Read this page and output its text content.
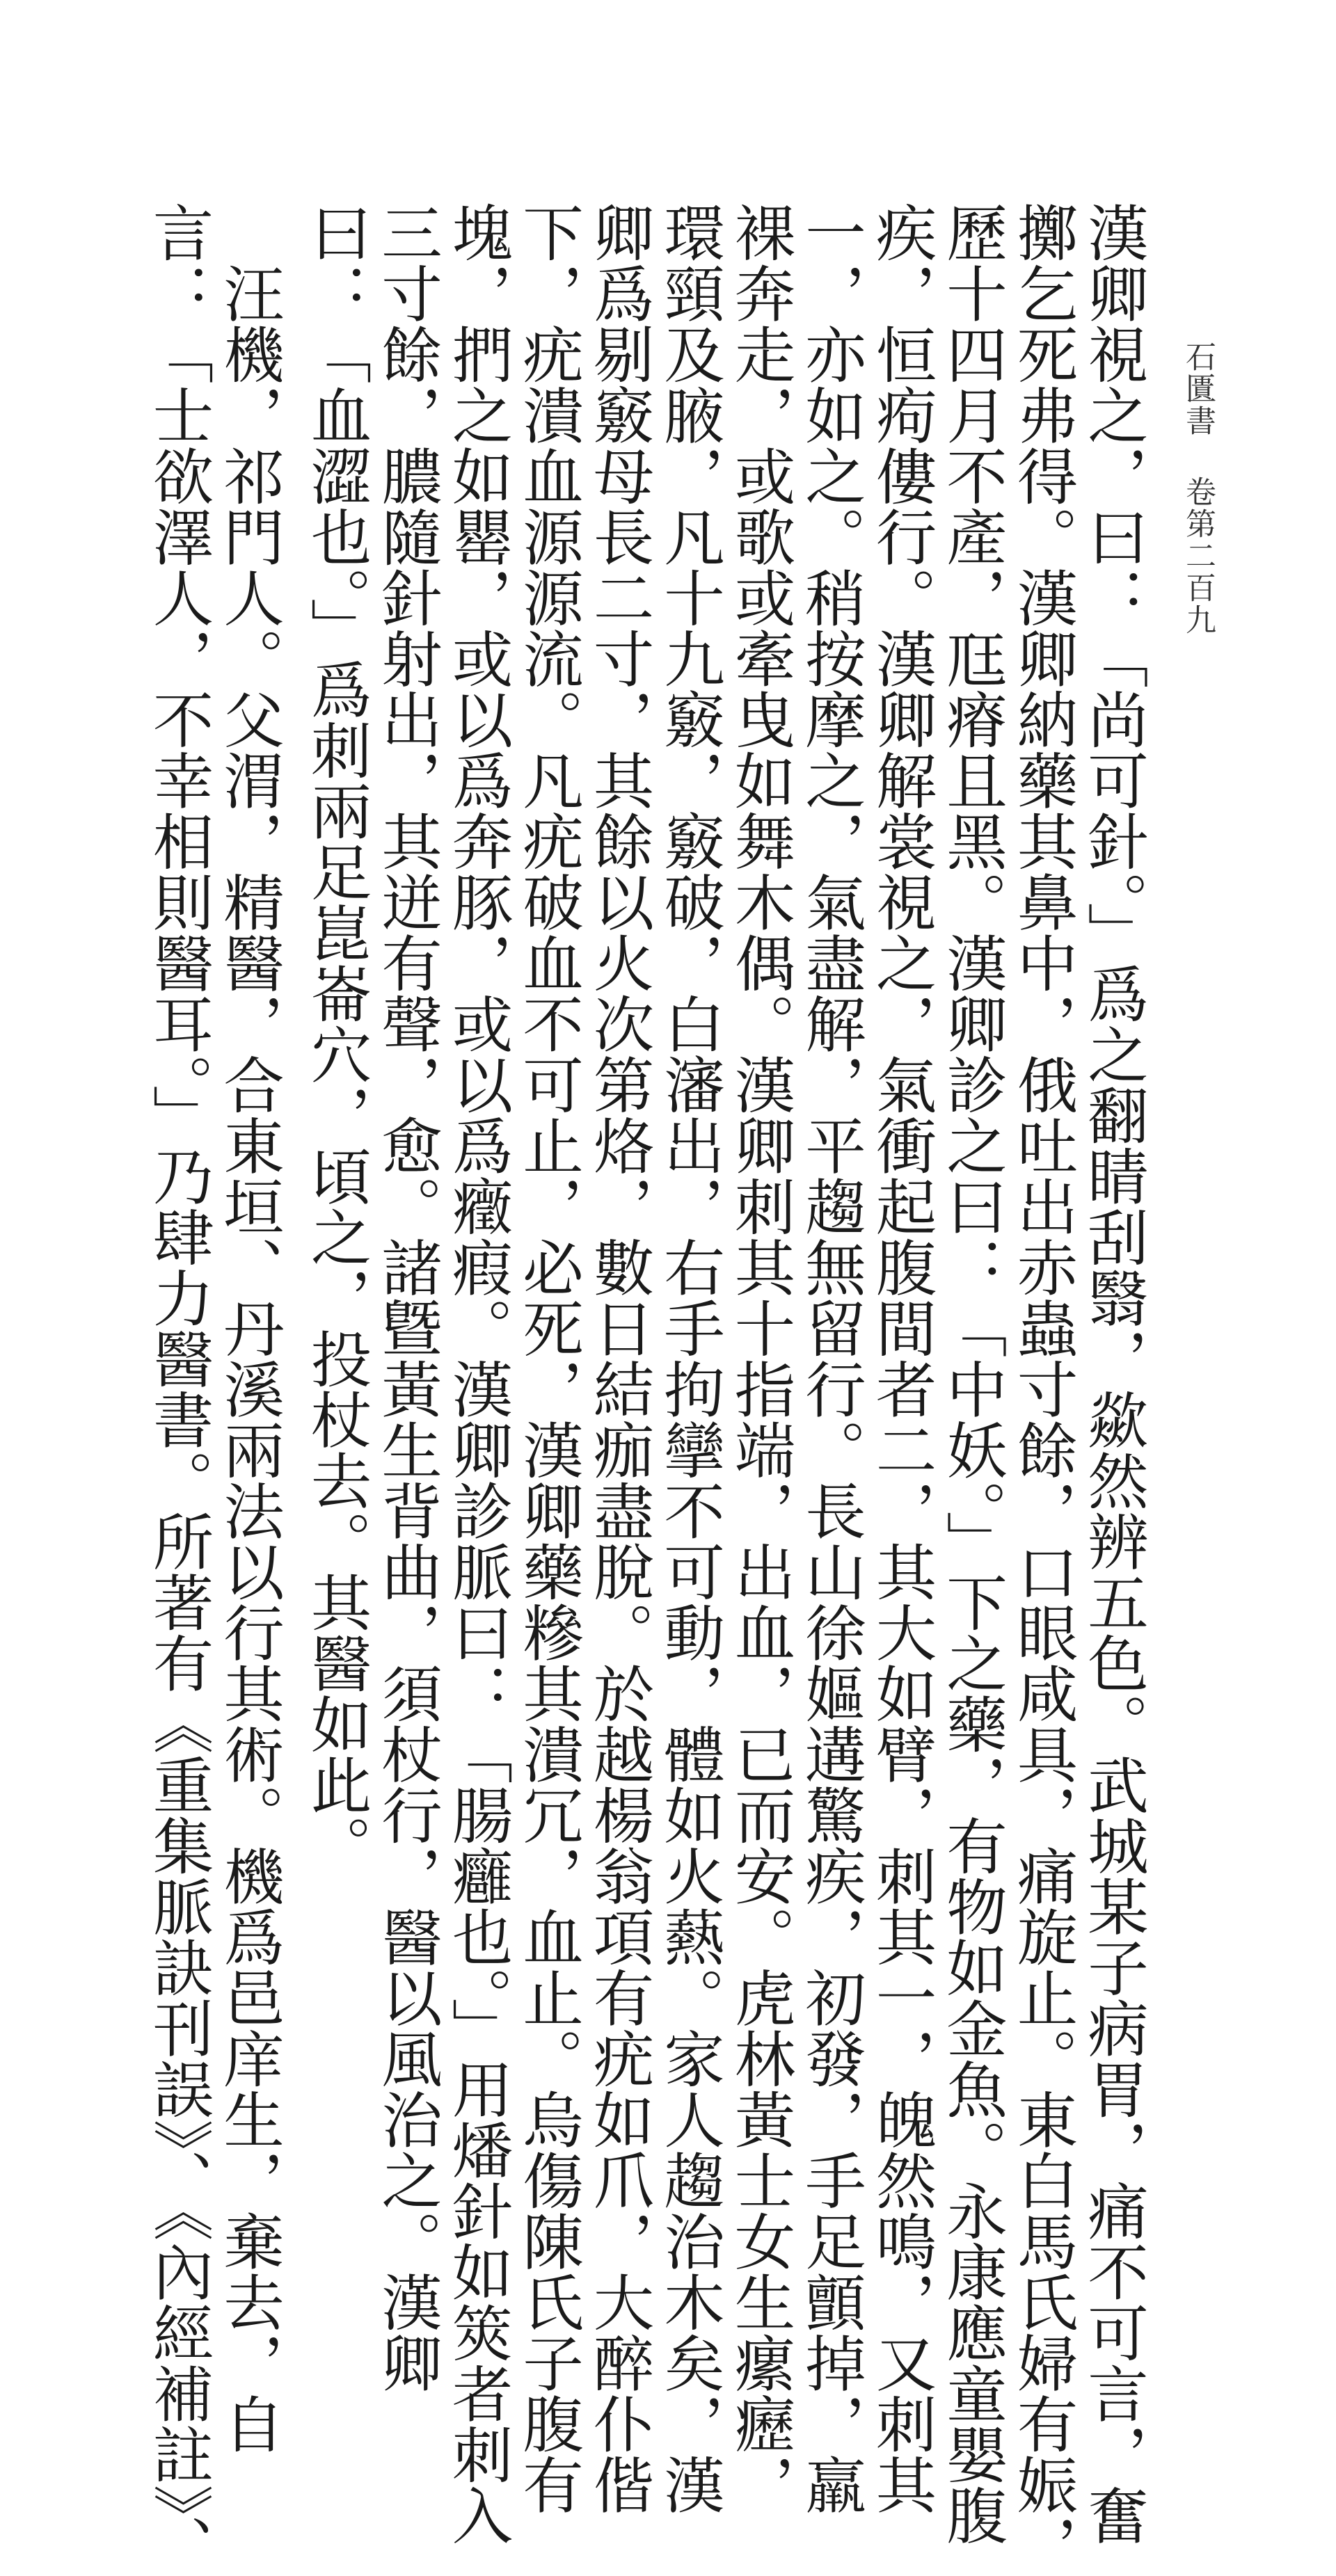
石匱書卷第二百九
漢卿視之，曰：「尚可針。」爲之翻睛刮翳，歘然辨五色。武城某子病胃，痛不可言，奮
擲乞死弗得。漢卿納藥其鼻中，俄吐出赤蟲寸餘，口眼咸具，痛旋止。東白馬氏婦有娠，
歷十四月不產，尫瘠且黑。漢卿診之曰：「中妖。」下之藥，有物如金魚。永康應童嬰腹
疾，恒痀僂行。漢卿解裳視之，氣衝起腹間者二，其大如臂，刺其一，魄然鳴，又刺其
一，亦如之。稍按摩之，氣盡解，平趨無留行。長山徐嫗遘驚疾，初發，手足顫掉，羸
裸奔走，或歌或牽曳如舞木偶。漢卿刺其十指端，出血，已而安。虎林黃士女生瘰癧，
環頸及腋，凡十九竅，竅破，白瀋出，右手拘攣不可動，體如火爇。家人趨治木矣，漢
卿爲剔竅母長二寸，其餘以火次第烙，數日結痂盡脫。於越楊翁項有疣如爪，大醉仆偕
下，疣潰血源源流。凡疣破血不可止，必死，漢卿藥糝其潰冗，血止。烏傷陳氏子腹有
塊，捫之如罌，或以爲奔豚，或以爲癥瘕。漢卿診脈曰：「腸癰也。」用燔針如筴者刺入
三寸餘，膿隨針射出，其迸有聲，愈。諸曁黃生背曲，須杖行，醫以風治之。漢卿
曰：「血澀也。」爲刺兩足崑崙穴，頃之，投杖去。其醫如此。
　汪機，祁門人。父渭，精醫，合東垣、丹溪兩法以行其術。機爲邑庠生，棄去，自
言：「士欲澤人，不幸相則醫耳。」乃肆力醫書。所著有《重集脈訣刊誤》、《內經補註》、
